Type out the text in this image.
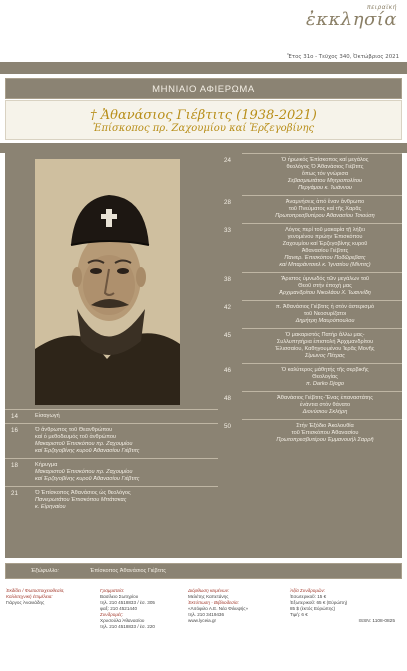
πειραϊκή
ἐκκλησία
Ἔτος 31ο - Τεῦχος 340, Ὀκτώβριος 2021
ΜΗΝΙΑΙΟ ΑΦΙΕΡΩΜΑ
† Ἀθανάσιος Γιέβτιτς (1938-2021)
Ἐπίσκοπος πρ. Ζαχουμίου καί Ἐρζεγοβίνης
14	Εἰσαγωγή
16	Ὁ ἄνθρωπος τοῦ Θεανθρώπου
καί ὁ μεθοδευμός τοῦ ἀνθρώπου
Μακαριστοῦ Ἐπισκόπου πρ. Ζαχουμίου
καί Ἐρζεγοβίνης κυροῦ Ἀθανασίου Γιέβτιτς
18	Κήρυγμα
Μακαριστοῦ Ἐπισκόπου πρ. Ζαχουμίου
καί Ἐρζεγοβίνης κυροῦ Ἀθανασίου Γιέβτιτς
21	Ὁ Ἐπίσκοπος Ἀθανάσιος ὡς θεολόγος
Πανιερωτάτου Ἐπισκόπου Μπάτσκας
κ. Εἰρηναίου
24	Ὁ ἡρωικός Ἐπίσκοπος καί μεγάλος
θεολόγος Ὁ Ἀθανάσιος Γιέβτιτς
ὅπως τόν γνώρισα
Σεβασμιωτάτου Μητροπολίτου
Περγάμου κ. Ἰωάννου
28	Ἀναμνήσεις ἀπό ἕναν ἄνθρωπο
τοῦ Πνεύματος καί τῆς Χαρᾶς
Πρωτοπρεσβυτέρου Ἀθανασίου Τσιούση
33	Λόγος περί τοῦ μακαρία τῇ λήξει
γενομένου πρώην Ἐπισκόπου
Ζαχουμίου καί Ἐρζεγοβίνης κυροῦ
Ἀθανασίου Γιέβτιτς
Πανιερ. Ἐπισκόπου Ποδῶρεβατς
καί Μπαράντσιελ κ. Ἰγνατίου (Μίντιτς)
38	Ἄριστος ὑμνωδός τῶν μεγάλων τοῦ
Θεοῦ στήν ἐποχή μας
Ἀρχιμανδρίτου Νικολάου Χ. Ἰωαννίδη
42	π. Ἀθανάσιος Γιέβτιτς ἡ στόν ἀστερισμό
τοῦ Νεοσυρίζατοι
Δημήτρη Μαυρόπουλου
45	Ὁ μακαριστός Πατήρ ἄλλω μας-
Συλλυπητήρια ἐπιστολή Ἀρχιμανδρίτου
Ἐλισσαίου, Καθηγουμένου Ἱερᾶς Μονῆς
Σίμωνος Πέτρας
46	Ὁ καλύτερος μάθητής τῆς σερβικῆς
Θεολογίας
π. Darko Djogo
48	Ἀθανάσιος Γιέβτιτς-Ἕνας ἐπαναστάτης
ἐνάντια στόν θάνατο
Διονύσιου Σκλήρη
50	Στήν Ἐξόδιο Ἀκολουθία
τοῦ Ἐπισκόπου Ἀθανασίου
Πρωτοπρεσβυτέρου Ἐμμανουήλ Σαρρῆ
Ἐξώφυλλο:	Ἐπίσκοπος Ἀθανάσιος Γιέβτιτς
Ἐκδίδει / Φωτοστοιχειοθεσία,
Καλλιτεχνική ἐπιμέλεια:
Γιάργος Ἀνανιάδης
Γραμματεία:
Βασίλειο Σωτηρίου
τηλ. 210 4518833 / ἐσ. 305
φαξ: 210 4521440
Συνδρομές:
Χρυσούλα Ἀθανασίου
τηλ. 210 4518833 / ἐσ. 220
Διόρθωση κειμένων:
Μελέτης Καπετάνης
Ἐκτύπωση - Βιβλιοδεσία:
«Λιτόφιλο Α.Ε. Νέα Φιλυψής»
τηλ. 210 3419436
www.lyceia.gr
Ἀξία Συνδρομῶν:
Ἐσωτερικοῦ: 15 €
Ἐξωτερικοῦ: 65 € (Εὐρώπη)
85 $ (ἐκτός Εὐρώπης)
Τιμή: 6 €
ISSN: 1108-0825
